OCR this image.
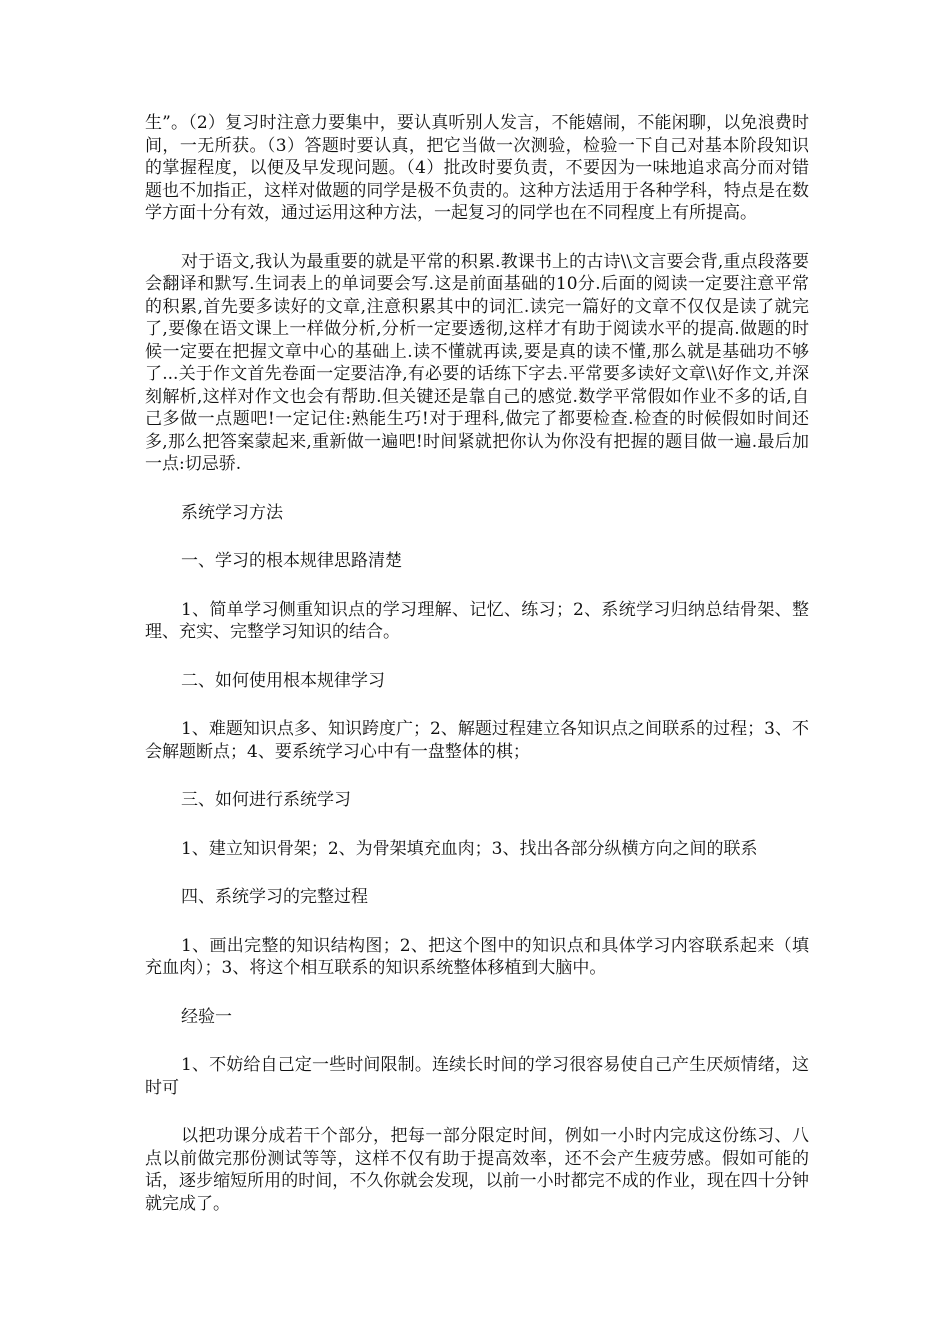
生”。（2）复习时注意力要集中，要认真听别人发言，不能嬉闹，不能闲聊，以免浪费时间，一无所获。（3）答题时要认真，把它当做一次测验，检验一下自己对基本阶段知识的掌握程度，以便及早发现问题。（4）批改时要负责，不要因为一味地追求高分而对错题也不加指正，这样对做题的同学是极不负责的。这种方法适用于各种学科，特点是在数学方面十分有效，通过运用这种方法，一起复习的同学也在不同程度上有所提高。

对于语文,我认为最重要的就是平常的积累.教课书上的古诗\\文言要会背,重点段落要会翻译和默写.生词表上的单词要会写.这是前面基础的10分.后面的阅读一定要注意平常的积累,首先要多读好的文章,注意积累其中的词汇.读完一篇好的文章不仅仅是读了就完了,要像在语文课上一样做分析,分析一定要透彻,这样才有助于阅读水平的提高.做题的时候一定要在把握文章中心的基础上.读不懂就再读,要是真的读不懂,那么就是基础功不够了...关于作文首先卷面一定要洁净,有必要的话练下字去.平常要多读好文章\\好作文,并深刻解析,这样对作文也会有帮助.但关键还是靠自己的感觉.数学平常假如作业不多的话,自己多做一点题吧!一定记住:熟能生巧!对于理科,做完了都要检查.检查的时候假如时间还多,那么把答案蒙起来,重新做一遍吧!时间紧就把你认为你没有把握的题目做一遍.最后加一点:切忌骄.

系统学习方法

一、学习的根本规律思路清楚

1、简单学习侧重知识点的学习理解、记忆、练习；2、系统学习归纳总结骨架、整理、充实、完整学习知识的结合。

二、如何使用根本规律学习

1、难题知识点多、知识跨度广；2、解题过程建立各知识点之间联系的过程；3、不会解题断点；4、要系统学习心中有一盘整体的棋；

三、如何进行系统学习

1、建立知识骨架；2、为骨架填充血肉；3、找出各部分纵横方向之间的联系

四、系统学习的完整过程

1、画出完整的知识结构图；2、把这个图中的知识点和具体学习内容联系起来（填充血肉）；3、将这个相互联系的知识系统整体移植到大脑中。

经验一

1、不妨给自己定一些时间限制。连续长时间的学习很容易使自己产生厌烦情绪，这时可

以把功课分成若干个部分，把每一部分限定时间，例如一小时内完成这份练习、八点以前做完那份测试等等，这样不仅有助于提高效率，还不会产生疲劳感。假如可能的话，逐步缩短所用的时间，不久你就会发现，以前一小时都完不成的作业，现在四十分钟就完成了。
